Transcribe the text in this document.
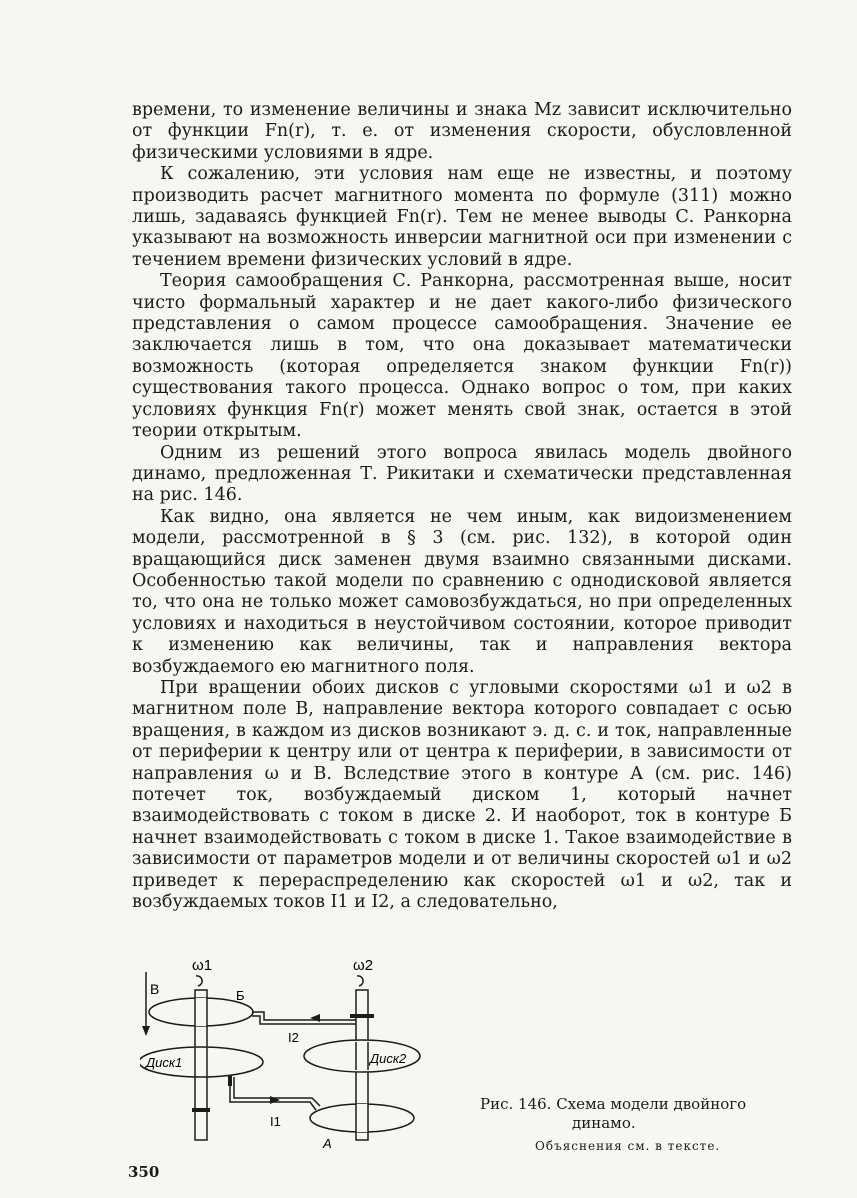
времени, то изменение величины и знака Mz зависит исключительно от функции Fn(r), т. е. от изменения скорости, обусловленной физическими условиями в ядре.

К сожалению, эти условия нам еще не известны, и поэтому производить расчет магнитного момента по формуле (311) можно лишь, задаваясь функцией Fn(r). Тем не менее выводы С. Ранкорна указывают на возможность инверсии магнитной оси при изменении с течением времени физических условий в ядре.

Теория самообращения С. Ранкорна, рассмотренная выше, носит чисто формальный характер и не дает какого-либо физического представления о самом процессе самообращения. Значение ее заключается лишь в том, что она доказывает математически возможность (которая определяется знаком функции Fn(r)) существования такого процесса. Однако вопрос о том, при каких условиях функция Fn(r) может менять свой знак, остается в этой теории открытым.

Одним из решений этого вопроса явилась модель двойного динамо, предложенная Т. Рикитаки и схематически представленная на рис. 146.

Как видно, она является не чем иным, как видоизменением модели, рассмотренной в § 3 (см. рис. 132), в которой один вращающийся диск заменен двумя взаимно связанными дисками. Особенностью такой модели по сравнению с однодисковой является то, что она не только может самовозбуждаться, но при определенных условиях и находиться в неустойчивом состоянии, которое приводит к изменению как величины, так и направления вектора возбуждаемого ею магнитного поля.

При вращении обоих дисков с угловыми скоростями ω1 и ω2 в магнитном поле B, направление вектора которого совпадает с осью вращения, в каждом из дисков возникают э. д. с. и ток, направленные от периферии к центру или от центра к периферии, в зависимости от направления ω и B. Вследствие этого в контуре А (см. рис. 146) потечет ток, возбуждаемый диском 1, который начнет взаимодействовать с током в диске 2. И наоборот, ток в контуре Б начнет взаимодействовать с током в диске 1. Такое взаимодействие в зависимости от параметров модели и от величины скоростей ω1 и ω2 приведет к перераспределению как скоростей ω1 и ω2, так и возбуждаемых токов I1 и I2, а следовательно,

B
ω1	ω2
Б
Диск1	Диск2
А
I2
I1
Рис. 146. Схема модели двойного
динамо.
Объяснения см. в тексте.
350
